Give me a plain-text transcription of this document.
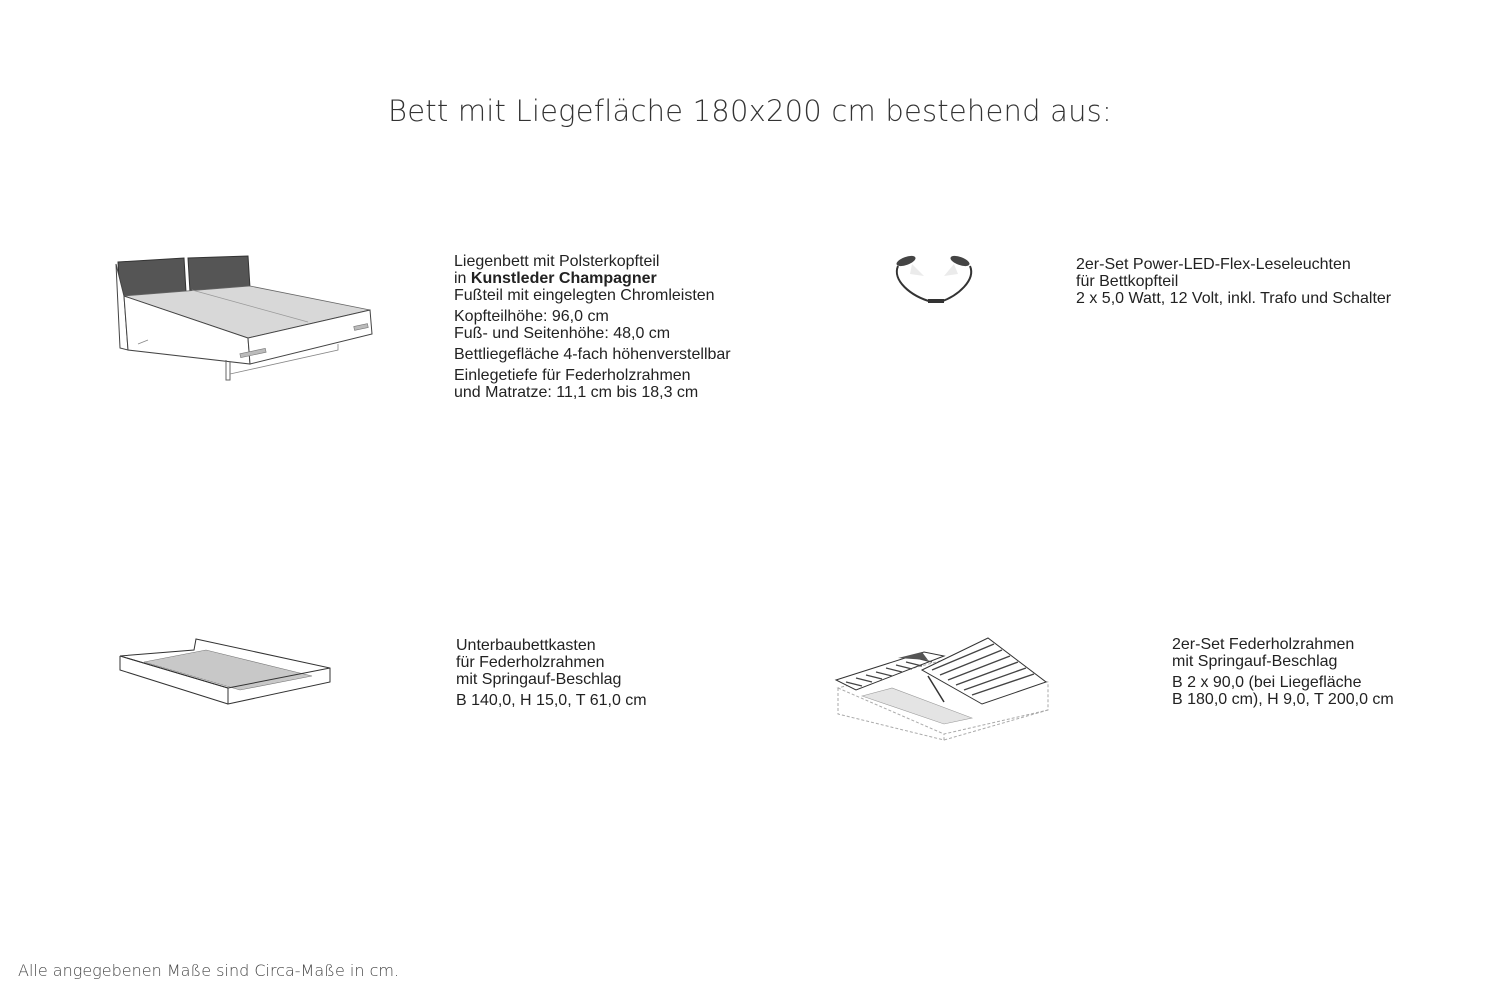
Bett mit Liegefläche 180x200 cm bestehend aus:
Liegenbett mit Polsterkopfteil
in Kunstleder Champagner
Fußteil mit eingelegten Chromleisten
Kopfteilhöhe: 96,0 cm
Fuß- und Seitenhöhe: 48,0 cm
Bettliegefläche 4-fach höhenverstellbar
Einlegetiefe für Federholzrahmen
und Matratze: 11,1 cm bis 18,3 cm
2er-Set Power-LED-Flex-Leseleuchten
für Bettkopfteil
2 x 5,0 Watt, 12 Volt, inkl. Trafo und Schalter
Unterbaubettkasten
für Federholzrahmen
mit Springauf-Beschlag
B 140,0, H 15,0, T 61,0 cm
2er-Set Federholzrahmen
mit Springauf-Beschlag
B 2 x 90,0 (bei Liegefläche
B 180,0 cm), H 9,0, T 200,0 cm
Alle angegebenen Maße sind Circa-Maße in cm.
